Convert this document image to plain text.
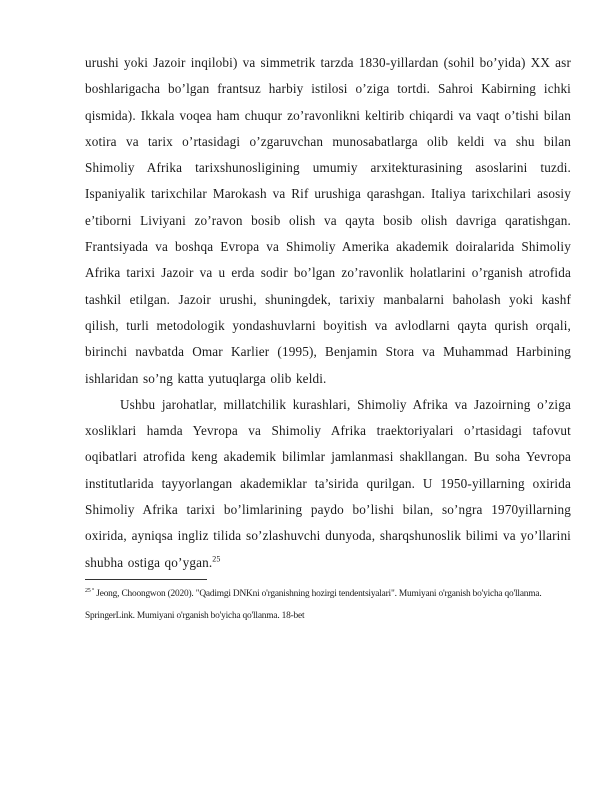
urushi yoki Jazoir inqilobi) va simmetrik tarzda 1830-yillardan (sohil bo’yida) XX asr boshlarigacha bo’lgan frantsuz harbiy istilosi o’ziga tortdi. Sahroi Kabirning ichki qismida). Ikkala voqea ham chuqur zo’ravonlikni keltirib chiqardi va vaqt o’tishi bilan xotira va tarix o’rtasidagi o’zgaruvchan munosabatlarga olib keldi va shu bilan Shimoliy Afrika tarixshunosligining umumiy arxitekturasining asoslarini tuzdi. Ispaniyalik tarixchilar Marokash va Rif urushiga qarashgan. Italiya tarixchilari asosiy e’tiborni Liviyani zo’ravon bosib olish va qayta bosib olish davriga qaratishgan. Frantsiyada va boshqa Evropa va Shimoliy Amerika akademik doiralarida Shimoliy Afrika tarixi Jazoir va u erda sodir bo’lgan zo’ravonlik holatlarini o’rganish atrofida tashkil etilgan. Jazoir urushi, shuningdek, tarixiy manbalarni baholash yoki kashf qilish, turli metodologik yondashuvlarni boyitish va avlodlarni qayta qurish orqali, birinchi navbatda Omar Karlier (1995), Benjamin Stora va Muhammad Harbining ishlaridan so’ng katta yutuqlarga olib keldi.

Ushbu jarohatlar, millatchilik kurashlari, Shimoliy Afrika va Jazoirning o’ziga xosliklari hamda Yevropa va Shimoliy Afrika traektoriyalari o’rtasidagi tafovut oqibatlari atrofida keng akademik bilimlar jamlanmasi shakllangan. Bu soha Yevropa institutlarida tayyorlangan akademiklar ta’sirida qurilgan. U 1950-yillarning oxirida Shimoliy Afrika tarixi bo’limlarining paydo bo’lishi bilan, so’ngra 1970yillarning oxirida, ayniqsa ingliz tilida so’zlashuvchi dunyoda, sharqshunoslik bilimi va yo’llarini shubha ostiga qo’ygan.$^{25}$

$^{25 ^\circ}$ Jeong, Choongwon (2020). "Qadimgi DNKni o'rganishning hozirgi tendentsiyalari". Mumiyani o'rganish bo'yicha qo'llanma. SpringerLink. Mumiyani o'rganish bo'yicha qo'llanma. 18-bet
